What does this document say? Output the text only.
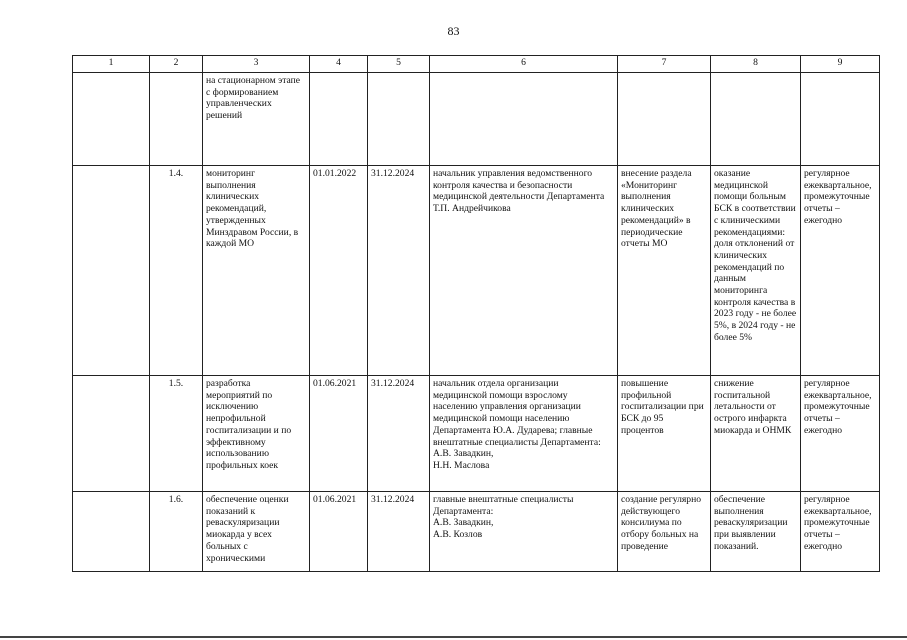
83
1	2	3	4	5	6	7	8	9
		на стационарном этапе с формированием управленческих решений						
	1.4.	мониторинг выполнения клинических рекомендаций, утвержденных Минздравом России, в каждой МО	01.01.2022	31.12.2024	начальник управления ведомственного контроля качества и безопасности медицинской деятельности Департамента Т.П. Андрейчикова	внесение раздела «Мониторинг выполнения клинических рекомендаций» в периодические отчеты МО	оказание медицинской помощи больным БСК в соответствии с клиническими рекомендациями: доля отклонений от клинических рекомендаций по данным мониторинга контроля качества в 2023 году - не более 5%, в 2024 году - не более 5%	регулярное ежеквартальное, промежуточные отчеты – ежегодно
	1.5.	разработка мероприятий по исключению непрофильной госпитализации и по эффективному использованию профильных коек	01.06.2021	31.12.2024	начальник отдела организации медицинской помощи взрослому населению управления организации медицинской помощи населению Департамента Ю.А. Дударева; главные внештатные специалисты Департамента:
А.В. Завадкин,
Н.Н. Маслова	повышение профильной госпитализации при БСК до 95 процентов	снижение госпитальной летальности от острого инфаркта миокарда и ОНМК	регулярное ежеквартальное, промежуточные отчеты – ежегодно
	1.6.	обеспечение оценки показаний к реваскуляризации миокарда у всех больных с хроническими	01.06.2021	31.12.2024	главные внештатные специалисты Департамента:
А.В. Завадкин,
А.В. Козлов	создание регулярно действующего консилиума по отбору больных на проведение	обеспечение выполнения реваскуляризации при выявлении показаний.	регулярное ежеквартальное, промежуточные отчеты – ежегодно
